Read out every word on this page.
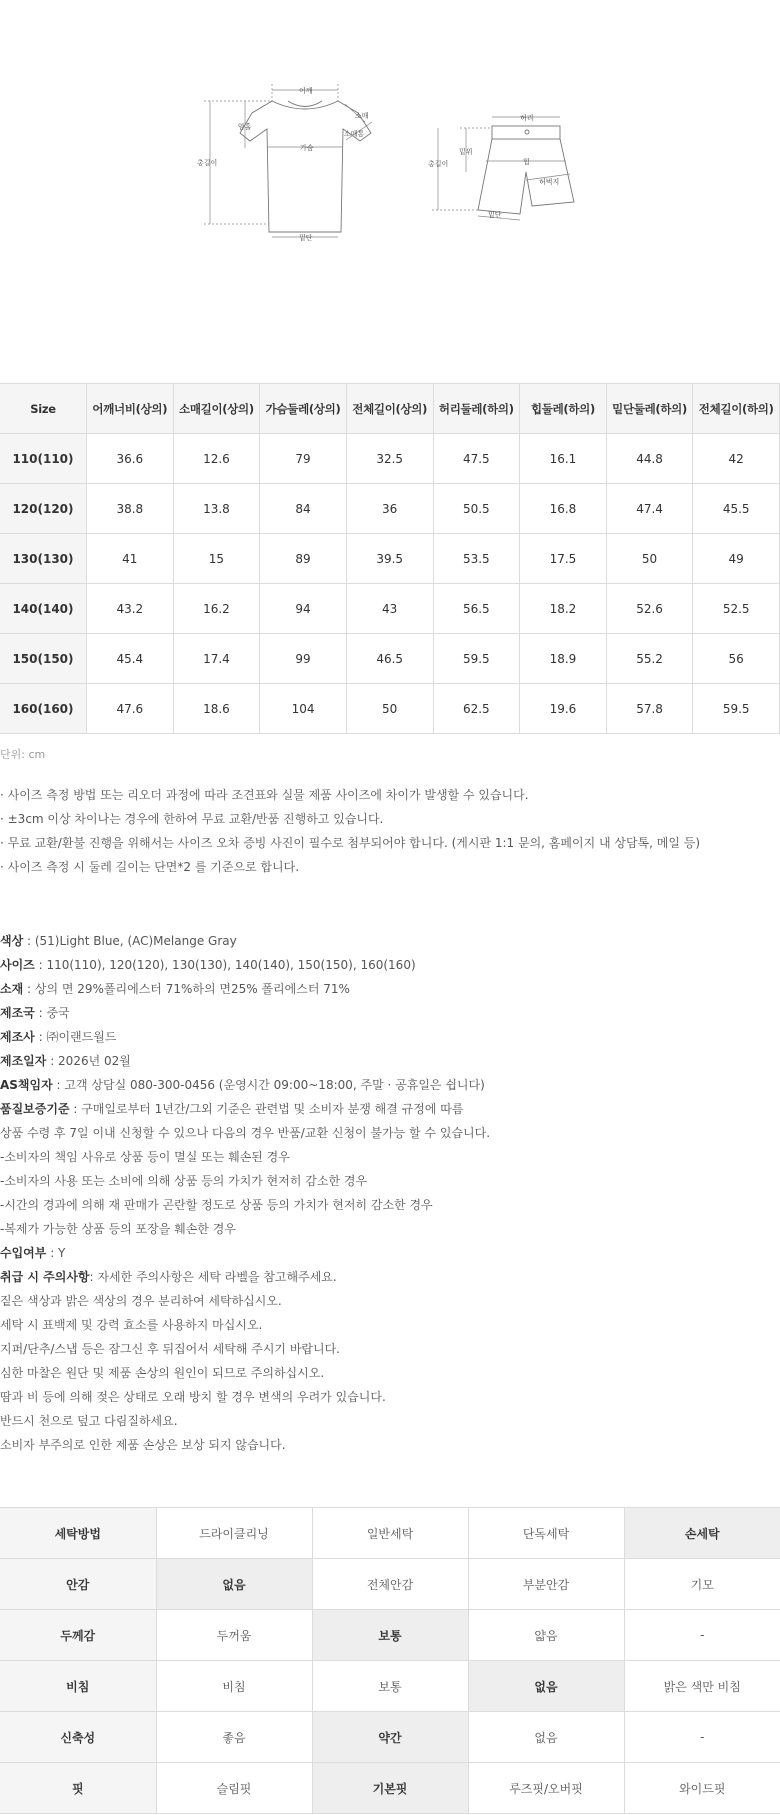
어깨
암홀
소매
소매통
가슴
총길이
밑단
허리
밑위
힙
허벅지
총길이
밑단
Size	어깨너비(상의)	소매길이(상의)	가슴둘레(상의)	전체길이(상의)	허리둘레(하의)	힙둘레(하의)	밑단둘레(하의)	전체길이(하의)
110(110)	36.6	12.6	79	32.5	47.5	16.1	44.8	42
120(120)	38.8	13.8	84	36	50.5	16.8	47.4	45.5
130(130)	41	15	89	39.5	53.5	17.5	50	49
140(140)	43.2	16.2	94	43	56.5	18.2	52.6	52.5
150(150)	45.4	17.4	99	46.5	59.5	18.9	55.2	56
160(160)	47.6	18.6	104	50	62.5	19.6	57.8	59.5
단위: cm
· 사이즈 측정 방법 또는 리오더 과정에 따라 조견표와 실물 제품 사이즈에 차이가 발생할 수 있습니다.
· ±3cm 이상 차이나는 경우에 한하여 무료 교환/반품 진행하고 있습니다.
· 무료 교환/환불 진행을 위해서는 사이즈 오차 증빙 사진이 필수로 첨부되어야 합니다. (게시판 1:1 문의, 홈페이지 내 상담톡, 메일 등)
· 사이즈 측정 시 둘레 길이는 단면*2 를 기준으로 합니다.
색상 : (51)Light Blue, (AC)Melange Gray
사이즈 : 110(110), 120(120), 130(130), 140(140), 150(150), 160(160)
소재 : 상의 면 29%폴리에스터 71%하의 면25% 폴리에스터 71%
제조국 : 중국
제조사 : ㈜이랜드월드
제조일자 : 2026년 02월
AS책임자 : 고객 상담실 080-300-0456 (운영시간 09:00~18:00, 주말 · 공휴일은 쉽니다)
품질보증기준 : 구매일로부터 1년간/그외 기준은 관련법 및 소비자 분쟁 해결 규정에 따름
상품 수령 후 7일 이내 신청할 수 있으나 다음의 경우 반품/교환 신청이 불가능 할 수 있습니다.
-소비자의 책임 사유로 상품 등이 멸실 또는 훼손된 경우
-소비자의 사용 또는 소비에 의해 상품 등의 가치가 현저히 감소한 경우
-시간의 경과에 의해 재 판매가 곤란할 정도로 상품 등의 가치가 현저히 감소한 경우
-복제가 가능한 상품 등의 포장을 훼손한 경우
수입여부 : Y
취급 시 주의사항: 자세한 주의사항은 세탁 라벨을 참고해주세요.
짙은 색상과 밝은 색상의 경우 분리하여 세탁하십시오.
세탁 시 표백제 및 강력 효소를 사용하지 마십시오.
지퍼/단추/스냅 등은 잠그신 후 뒤집어서 세탁해 주시기 바랍니다.
심한 마찰은 원단 및 제품 손상의 원인이 되므로 주의하십시오.
땀과 비 등에 의해 젖은 상태로 오래 방치 할 경우 변색의 우려가 있습니다.
반드시 천으로 덮고 다림질하세요.
소비자 부주의로 인한 제품 손상은 보상 되지 않습니다.
세탁방법	드라이클리닝	일반세탁	단독세탁	손세탁
안감	없음	전체안감	부분안감	기모
두께감	두꺼움	보통	얇음	-
비침	비침	보통	없음	밝은 색만 비침
신축성	좋음	약간	없음	-
핏	슬림핏	기본핏	루즈핏/오버핏	와이드핏
